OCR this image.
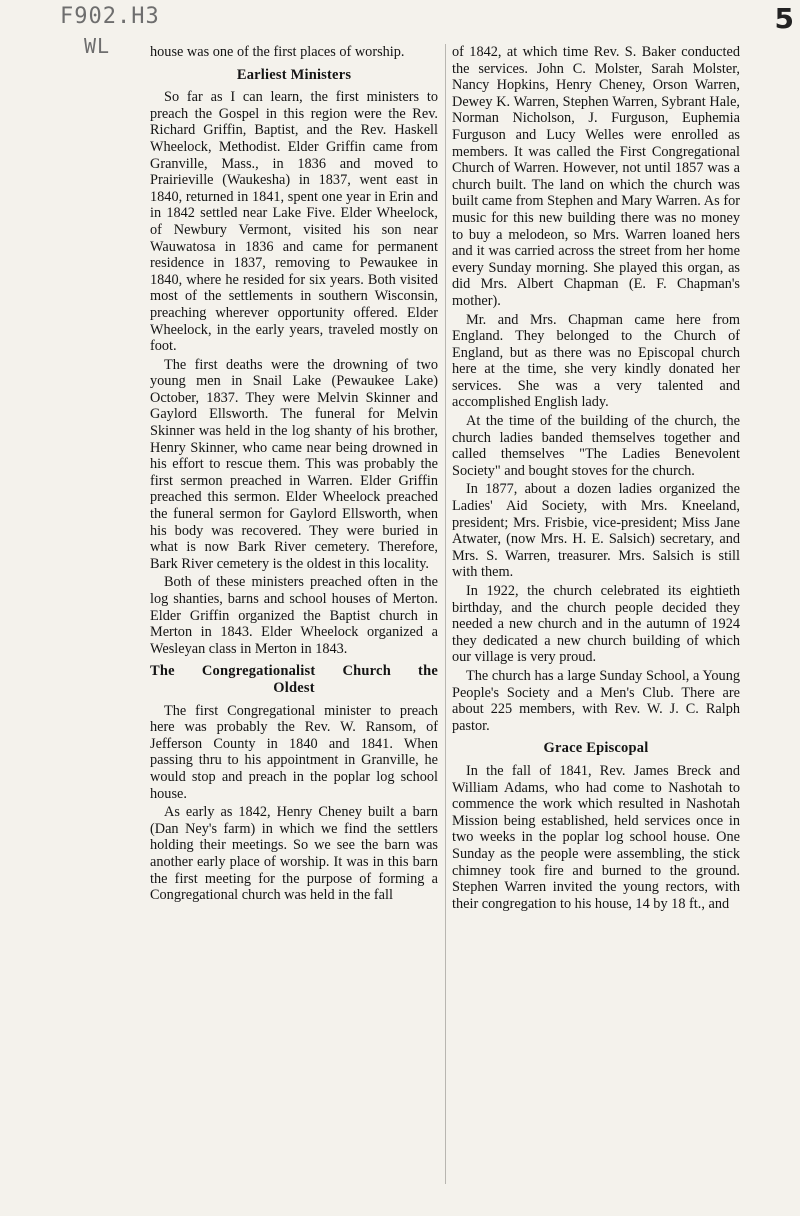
F902.H3
WL
5

house was one of the first places of worship.

Earliest Ministers

So far as I can learn, the first ministers to preach the Gospel in this region were the Rev. Richard Griffin, Baptist, and the Rev. Haskell Wheelock, Methodist. Elder Griffin came from Granville, Mass., in 1836 and moved to Prairieville (Waukesha) in 1837, went east in 1840, returned in 1841, spent one year in Erin and in 1842 settled near Lake Five. Elder Wheelock, of Newbury Vermont, visited his son near Wauwatosa in 1836 and came for permanent residence in 1837, removing to Pewaukee in 1840, where he resided for six years. Both visited most of the settlements in southern Wisconsin, preaching wherever opportunity offered. Elder Wheelock, in the early years, traveled mostly on foot.

The first deaths were the drowning of two young men in Snail Lake (Pewaukee Lake) October, 1837. They were Melvin Skinner and Gaylord Ellsworth. The funeral for Melvin Skinner was held in the log shanty of his brother, Henry Skinner, who came near being drowned in his effort to rescue them. This was probably the first sermon preached in Warren. Elder Griffin preached this sermon. Elder Wheelock preached the funeral sermon for Gaylord Ellsworth, when his body was recovered. They were buried in what is now Bark River cemetery. Therefore, Bark River cemetery is the oldest in this locality.

Both of these ministers preached often in the log shanties, barns and school houses of Merton. Elder Griffin organized the Baptist church in Merton in 1843. Elder Wheelock organized a Wesleyan class in Merton in 1843.

The Congregationalist Church the
Oldest

The first Congregational minister to preach here was probably the Rev. W. Ransom, of Jefferson County in 1840 and 1841. When passing thru to his appointment in Granville, he would stop and preach in the poplar log school house.

As early as 1842, Henry Cheney built a barn (Dan Ney's farm) in which we find the settlers holding their meetings. So we see the barn was another early place of worship. It was in this barn the first meeting for the purpose of forming a Congregational church was held in the fall

of 1842, at which time Rev. S. Baker conducted the services. John C. Molster, Sarah Molster, Nancy Hopkins, Henry Cheney, Orson Warren, Dewey K. Warren, Stephen Warren, Sybrant Hale, Norman Nicholson, J. Furguson, Euphemia Furguson and Lucy Welles were enrolled as members. It was called the First Congregational Church of Warren. However, not until 1857 was a church built. The land on which the church was built came from Stephen and Mary Warren. As for music for this new building there was no money to buy a melodeon, so Mrs. Warren loaned hers and it was carried across the street from her home every Sunday morning. She played this organ, as did Mrs. Albert Chapman (E. F. Chapman's mother).

Mr. and Mrs. Chapman came here from England. They belonged to the Church of England, but as there was no Episcopal church here at the time, she very kindly donated her services. She was a very talented and accomplished English lady.

At the time of the building of the church, the church ladies banded themselves together and called themselves "The Ladies Benevolent Society" and bought stoves for the church.

In 1877, about a dozen ladies organized the Ladies' Aid Society, with Mrs. Kneeland, president; Mrs. Frisbie, vice-president; Miss Jane Atwater, (now Mrs. H. E. Salsich) secretary, and Mrs. S. Warren, treasurer. Mrs. Salsich is still with them.

In 1922, the church celebrated its eightieth birthday, and the church people decided they needed a new church and in the autumn of 1924 they dedicated a new church building of which our village is very proud.

The church has a large Sunday School, a Young People's Society and a Men's Club. There are about 225 members, with Rev. W. J. C. Ralph pastor.

Grace Episcopal

In the fall of 1841, Rev. James Breck and William Adams, who had come to Nashotah to commence the work which resulted in Nashotah Mission being established, held services once in two weeks in the poplar log school house. One Sunday as the people were assembling, the stick chimney took fire and burned to the ground. Stephen Warren invited the young rectors, with their congregation to his house, 14 by 18 ft., and
